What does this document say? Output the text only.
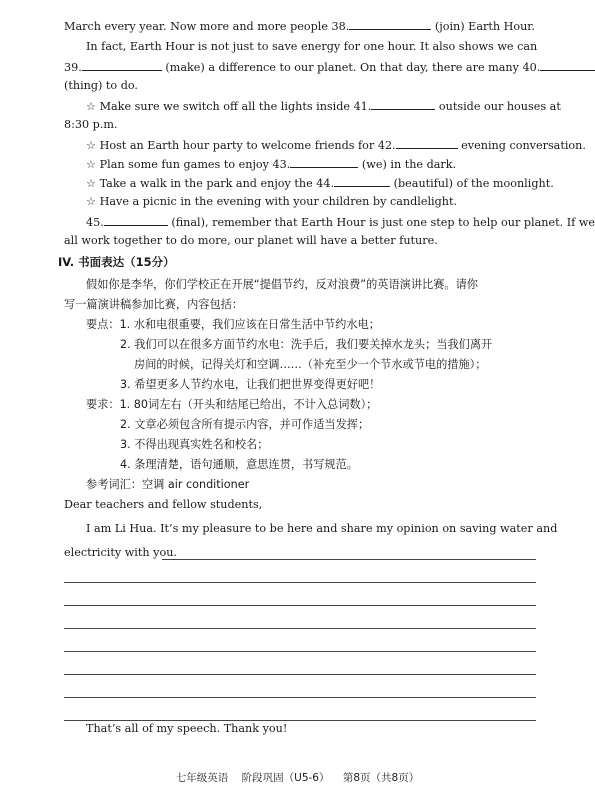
March every year. Now more and more people 38.	(join) Earth Hour.
In fact, Earth Hour is not just to save energy for one hour. It also shows we can
39.	(make) a difference to our planet. On that day, there are many 40.
(thing) to do.
☆ Make sure we switch off all the lights inside 41.	outside our houses at
8:30 p.m.
☆ Host an Earth hour party to welcome friends for 42.	evening conversation.
☆ Plan some fun games to enjoy 43.	(we) in the dark.
☆ Take a walk in the park and enjoy the 44.	(beautiful) of the moonlight.
☆ Have a picnic in the evening with your children by candlelight.
45.	(final), remember that Earth Hour is just one step to help our planet. If we
all work together to do more, our planet will have a better future.
IV. 书面表达（15分）
假如你是李华，你们学校正在开展“提倡节约，反对浪费”的英语演讲比赛。请你
写一篇演讲稿参加比赛，内容包括：
要点：1. 水和电很重要，我们应该在日常生活中节约水电；
2. 我们可以在很多方面节约水电：洗手后，我们要关掉水龙头；当我们离开
房间的时候，记得关灯和空调……（补充至少一个节水或节电的措施）；
3. 希望更多人节约水电，让我们把世界变得更好吧！
要求：1. 80词左右（开头和结尾已给出，不计入总词数）；
2. 文章必须包含所有提示内容，并可作适当发挥；
3. 不得出现真实姓名和校名；
4. 条理清楚，语句通顺，意思连贯，书写规范。
参考词汇：空调 air conditioner
Dear teachers and fellow students,
I am Li Hua. It’s my pleasure to be here and share my opinion on saving water and
electricity with you.
That’s all of my speech. Thank you!
七年级英语 阶段巩固（U5-6） 第8页（共8页）
